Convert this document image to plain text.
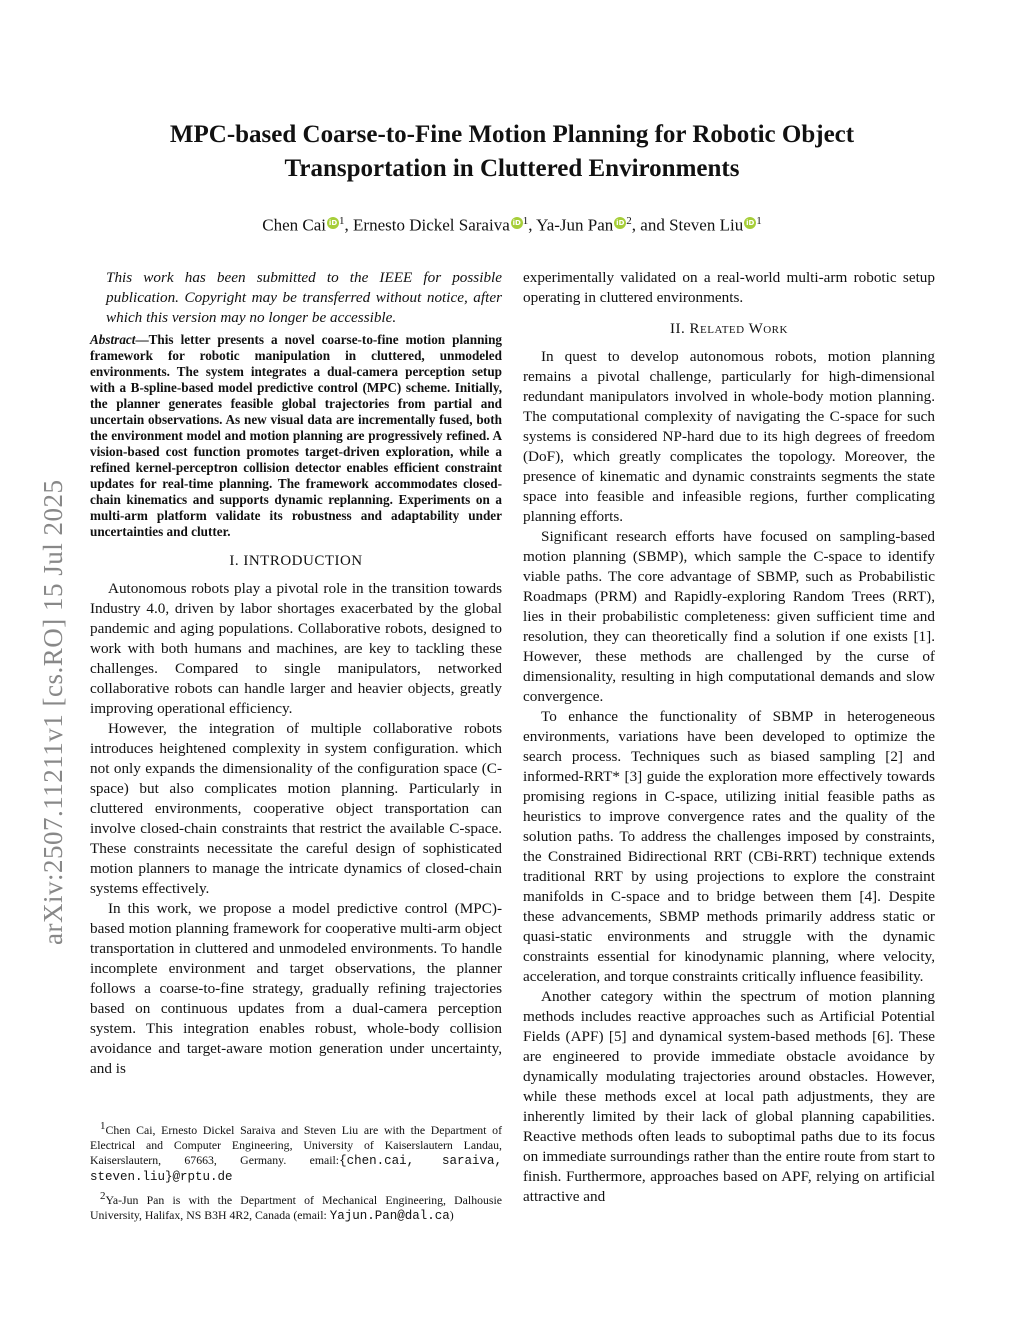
arXiv:2507.11211v1 [cs.RO] 15 Jul 2025
MPC-based Coarse-to-Fine Motion Planning for Robotic Object
Transportation in Cluttered Environments
Chen Cai iD $^1$, Ernesto Dickel Saraiva iD $^1$, Ya-Jun Pan iD $^2$, and Steven Liu iD $^1$

This work has been submitted to the IEEE for possible publication. Copyright may be transferred without notice, after which this version may no longer be accessible.

Abstract—This letter presents a novel coarse-to-fine motion planning framework for robotic manipulation in cluttered, unmodeled environments. The system integrates a dual-camera perception setup with a B-spline-based model predictive control (MPC) scheme. Initially, the planner generates feasible global trajectories from partial and uncertain observations. As new visual data are incrementally fused, both the environment model and motion planning are progressively refined. A vision-based cost function promotes target-driven exploration, while a refined kernel-perceptron collision detector enables efficient constraint updates for real-time planning. The framework accommodates closed-chain kinematics and supports dynamic replanning. Experiments on a multi-arm platform validate its robustness and adaptability under uncertainties and clutter.

I. INTRODUCTION

Autonomous robots play a pivotal role in the transition towards Industry 4.0, driven by labor shortages exacerbated by the global pandemic and aging populations. Collaborative robots, designed to work with both humans and machines, are key to tackling these challenges. Compared to single manipulators, networked collaborative robots can handle larger and heavier objects, greatly improving operational efficiency.

However, the integration of multiple collaborative robots introduces heightened complexity in system configuration. which not only expands the dimensionality of the configuration space (C-space) but also complicates motion planning. Particularly in cluttered environments, cooperative object transportation can involve closed-chain constraints that restrict the available C-space. These constraints necessitate the careful design of sophisticated motion planners to manage the intricate dynamics of closed-chain systems effectively.

In this work, we propose a model predictive control (MPC)-based motion planning framework for cooperative multi-arm object transportation in cluttered and unmodeled environments. To handle incomplete environment and target observations, the planner follows a coarse-to-fine strategy, gradually refining trajectories based on continuous updates from a dual-camera perception system. This integration enables robust, whole-body collision avoidance and target-aware motion generation under uncertainty, and is

experimentally validated on a real-world multi-arm robotic setup operating in cluttered environments.

II. Related Work

In quest to develop autonomous robots, motion planning remains a pivotal challenge, particularly for high-dimensional redundant manipulators involved in whole-body motion planning. The computational complexity of navigating the C-space for such systems is considered NP-hard due to its high degrees of freedom (DoF), which greatly complicates the topology. Moreover, the presence of kinematic and dynamic constraints segments the state space into feasible and infeasible regions, further complicating planning efforts.

Significant research efforts have focused on sampling-based motion planning (SBMP), which sample the C-space to identify viable paths. The core advantage of SBMP, such as Probabilistic Roadmaps (PRM) and Rapidly-exploring Random Trees (RRT), lies in their probabilistic completeness: given sufficient time and resolution, they can theoretically find a solution if one exists [1]. However, these methods are challenged by the curse of dimensionality, resulting in high computational demands and slow convergence.

To enhance the functionality of SBMP in heterogeneous environments, variations have been developed to optimize the search process. Techniques such as biased sampling [2] and informed-RRT* [3] guide the exploration more effectively towards promising regions in C-space, utilizing initial feasible paths as heuristics to improve convergence rates and the quality of the solution paths. To address the challenges imposed by constraints, the Constrained Bidirectional RRT (CBi-RRT) technique extends traditional RRT by using projections to explore the constraint manifolds in C-space and to bridge between them [4]. Despite these advancements, SBMP methods primarily address static or quasi-static environments and struggle with the dynamic constraints essential for kinodynamic planning, where velocity, acceleration, and torque constraints critically influence feasibility.

Another category within the spectrum of motion planning methods includes reactive approaches such as Artificial Potential Fields (APF) [5] and dynamical system-based methods [6]. These are engineered to provide immediate obstacle avoidance by dynamically modulating trajectories around obstacles. However, while these methods excel at local path adjustments, they are inherently limited by their lack of global planning capabilities. Reactive methods often leads to suboptimal paths due to its focus on immediate surroundings rather than the entire route from start to finish. Furthermore, approaches based on APF, relying on artificial attractive and

$^1$Chen Cai, Ernesto Dickel Saraiva and Steven Liu are with the Department of Electrical and Computer Engineering, University of Kaiserslautern Landau, Kaiserslautern, 67663, Germany. email:{chen.cai, saraiva, steven.liu}@rptu.de

$^2$Ya-Jun Pan is with the Department of Mechanical Engineering, Dalhousie University, Halifax, NS B3H 4R2, Canada (email: Yajun.Pan@dal.ca)
